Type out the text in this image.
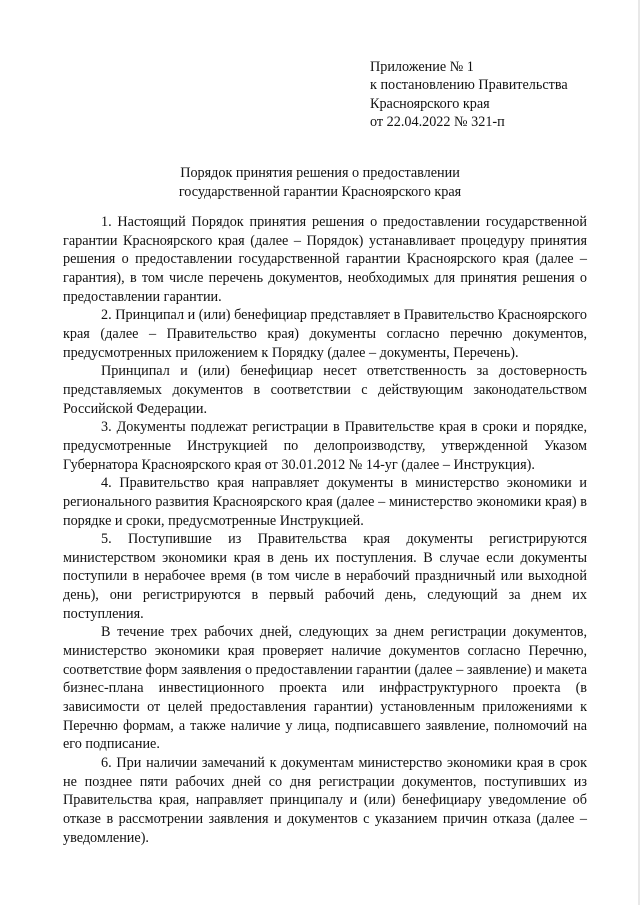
Приложение № 1
к постановлению Правительства
Красноярского края
от 22.04.2022 № 321-п
Порядок принятия решения о предоставлении
государственной гарантии Красноярского края

1. Настоящий Порядок принятия решения о предоставлении государственной гарантии Красноярского края (далее – Порядок) устанавливает процедуру принятия решения о предоставлении государственной гарантии Красноярского края (далее – гарантия), в том числе перечень документов, необходимых для принятия решения о предоставлении гарантии.

2. Принципал и (или) бенефициар представляет в Правительство Красноярского края (далее – Правительство края) документы согласно перечню документов, предусмотренных приложением к Порядку (далее – документы, Перечень).

Принципал и (или) бенефициар несет ответственность за достоверность представляемых документов в соответствии с действующим законодательством Российской Федерации.

3. Документы подлежат регистрации в Правительстве края в сроки и порядке, предусмотренные Инструкцией по делопроизводству, утвержденной Указом Губернатора Красноярского края от 30.01.2012 № 14-уг (далее – Инструкция).

4. Правительство края направляет документы в министерство экономики и регионального развития Красноярского края (далее – министерство экономики края) в порядке и сроки, предусмотренные Инструкцией.

5. Поступившие из Правительства края документы регистрируются министерством экономики края в день их поступления. В случае если документы поступили в нерабочее время (в том числе в нерабочий праздничный или выходной день), они регистрируются в первый рабочий день, следующий за днем их поступления.

В течение трех рабочих дней, следующих за днем регистрации документов, министерство экономики края проверяет наличие документов согласно Перечню, соответствие форм заявления о предоставлении гарантии (далее – заявление) и макета бизнес-плана инвестиционного проекта или инфраструктурного проекта (в зависимости от целей предоставления гарантии) установленным приложениями к Перечню формам, а также наличие у лица, подписавшего заявление, полномочий на его подписание.

6. При наличии замечаний к документам министерство экономики края в срок не позднее пяти рабочих дней со дня регистрации документов, поступивших из Правительства края, направляет принципалу и (или) бенефициару уведомление об отказе в рассмотрении заявления и документов с указанием причин отказа (далее – уведомление).
